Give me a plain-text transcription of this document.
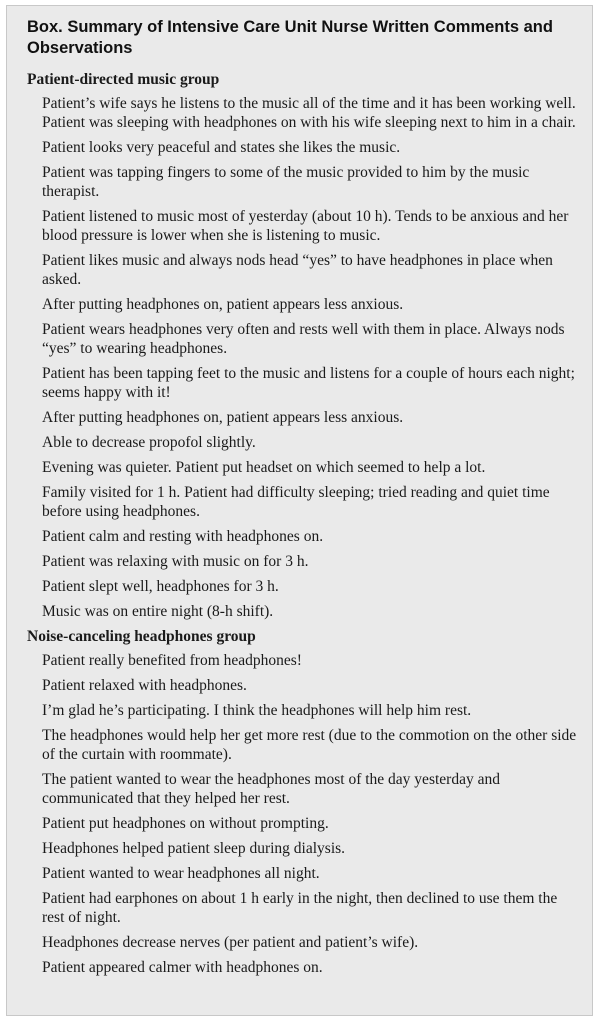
Box. Summary of Intensive Care Unit Nurse Written Comments and Observations
Patient-directed music group
Patient’s wife says he listens to the music all of the time and it has been working well. Patient was sleeping with headphones on with his wife sleeping next to him in a chair.
Patient looks very peaceful and states she likes the music.
Patient was tapping fingers to some of the music provided to him by the music therapist.
Patient listened to music most of yesterday (about 10 h). Tends to be anxious and her blood pressure is lower when she is listening to music.
Patient likes music and always nods head “yes” to have headphones in place when asked.
After putting headphones on, patient appears less anxious.
Patient wears headphones very often and rests well with them in place. Always nods “yes” to wearing headphones.
Patient has been tapping feet to the music and listens for a couple of hours each night; seems happy with it!
After putting headphones on, patient appears less anxious.
Able to decrease propofol slightly.
Evening was quieter. Patient put headset on which seemed to help a lot.
Family visited for 1 h. Patient had difficulty sleeping; tried reading and quiet time before using headphones.
Patient calm and resting with headphones on.
Patient was relaxing with music on for 3 h.
Patient slept well, headphones for 3 h.
Music was on entire night (8-h shift).
Noise-canceling headphones group
Patient really benefited from headphones!
Patient relaxed with headphones.
I’m glad he’s participating. I think the headphones will help him rest.
The headphones would help her get more rest (due to the commotion on the other side of the curtain with roommate).
The patient wanted to wear the headphones most of the day yesterday and communicated that they helped her rest.
Patient put headphones on without prompting.
Headphones helped patient sleep during dialysis.
Patient wanted to wear headphones all night.
Patient had earphones on about 1 h early in the night, then declined to use them the rest of night.
Headphones decrease nerves (per patient and patient’s wife).
Patient appeared calmer with headphones on.
